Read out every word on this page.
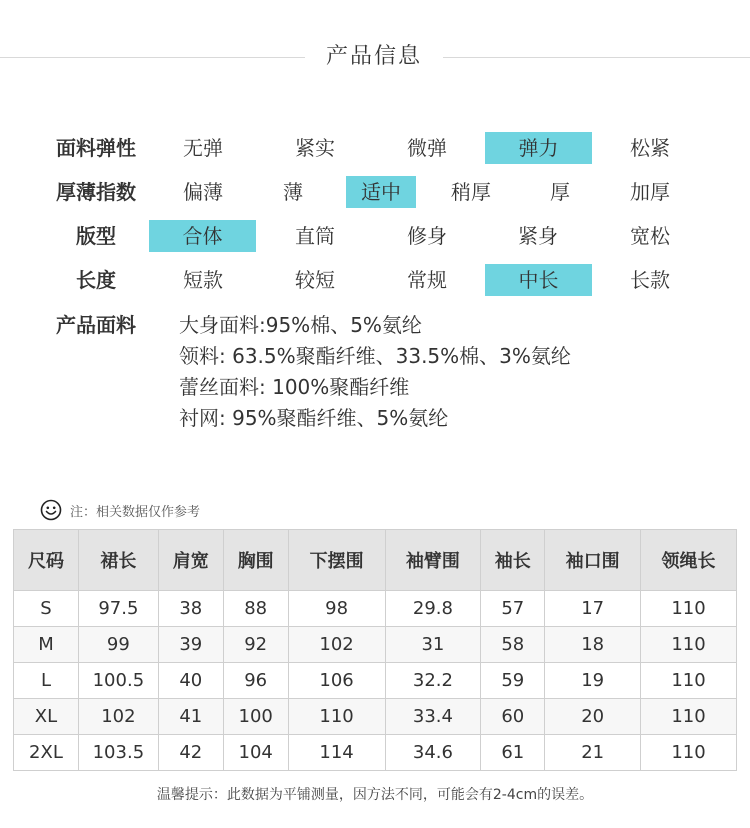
产品信息
面料弹性	无弹	紧实	微弹	弹力	松紧
厚薄指数	偏薄	薄	适中	稍厚	厚	加厚
版型	合体	直筒	修身	紧身	宽松
长度	短款	较短	常规	中长	长款
产品面料	大身面料:95%棉、5%氨纶
领料: 63.5%聚酯纤维、33.5%棉、3%氨纶
蕾丝面料: 100%聚酯纤维
衬网: 95%聚酯纤维、5%氨纶
注：相关数据仅作参考
尺码	裙长	肩宽	胸围	下摆围	袖臂围	袖长	袖口围	领绳长
S	97.5	38	88	98	29.8	57	17	110
M	99	39	92	102	31	58	18	110
L	100.5	40	96	106	32.2	59	19	110
XL	102	41	100	110	33.4	60	20	110
2XL	103.5	42	104	114	34.6	61	21	110
温馨提示：此数据为平铺测量，因方法不同，可能会有2-4cm的误差。
